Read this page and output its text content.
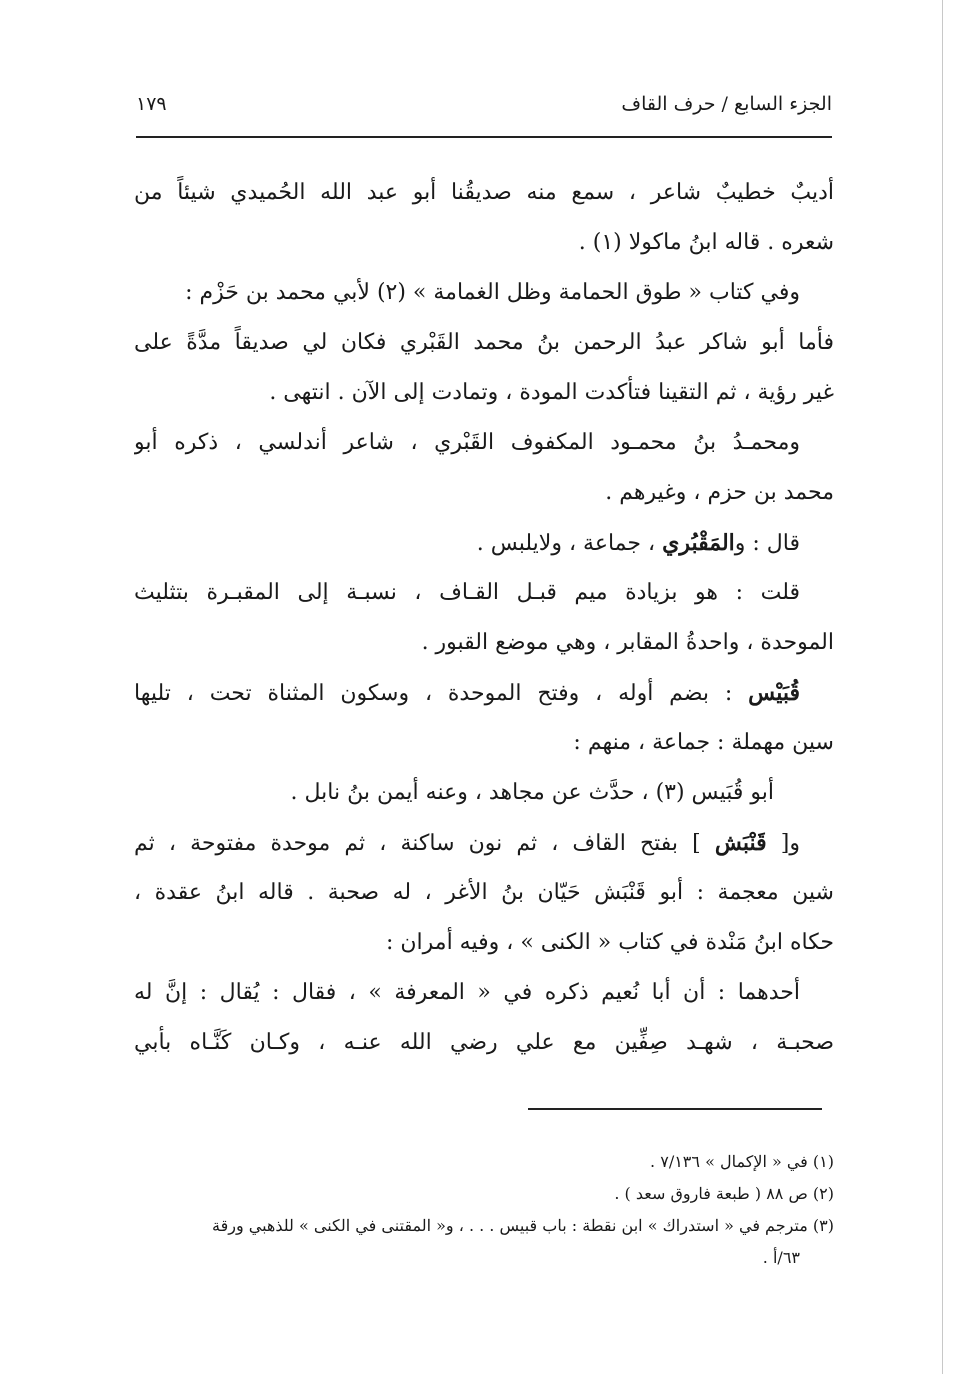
الجزء السابع / حرف القاف
١٧٩
أديبٌ خطيبٌ شاعر ، سمع منه صديقُنا أبو عبد الله الحُميدي شيئاً من
شعره . قاله ابنُ ماكولا (١) .
وفي كتاب « طوق الحمامة وظل الغمامة » (٢) لأبي محمد بن حَزْم :
فأما أبو شاكر عبدُ الرحمن بنُ محمد القَبْري فكان لي صديقاً مدَّةً على
غير رؤية ، ثم التقينا فتأكدت المودة ، وتمادت إلى الآن . انتهى .
ومحمـدُ بنُ محمـود المكفوف القَبْري ، شاعر أندلسي ، ذكره أبو
محمد بن حزم ، وغيرهم .
قال : والمَقْبُري ، جماعة ، ولايلبس .
قلت : هو بزيادة ميم قبـل القـاف ، نسبـة إلى المقبـرة بتثليث
الموحدة ، واحدةُ المقابر ، وهي موضع القبور .
قُبَيْس : بضم أوله ، وفتح الموحدة ، وسكون المثناة تحت ، تليها
سين مهملة : جماعة ، منهم :
أبو قُبَيس (٣) ، حدَّث عن مجاهد ، وعنه أيمن بنُ نابل .
و[ قَنْبَش ] بفتح القاف ، ثم نون ساكنة ، ثم موحدة مفتوحة ، ثم
شين معجمة : أبو قَنْبَش حَيّان بنُ الأغر ، له صحبة . قاله ابنُ عقدة ،
حكاه ابنُ مَنْدة في كتاب « الكنى » ، وفيه أمران :
أحدهما : أن أبا نُعيم ذكره في « المعرفة » ، فقال : يُقال : إنَّ له
صحبـة ، شهـد صِفِّين مع علي رضي الله عنـه ، وكـان كَنَّـاه بأبي
(١) في « الإكمال » ٧/١٣٦ .
(٢) ص ٨٨ ( طبعة فاروق سعد ) .
(٣) مترجم في « استدراك » ابن نقطة : باب قبيس . . . ، و« المقتنى في الكنى » للذهبي ورقة
٦٣/أ .
